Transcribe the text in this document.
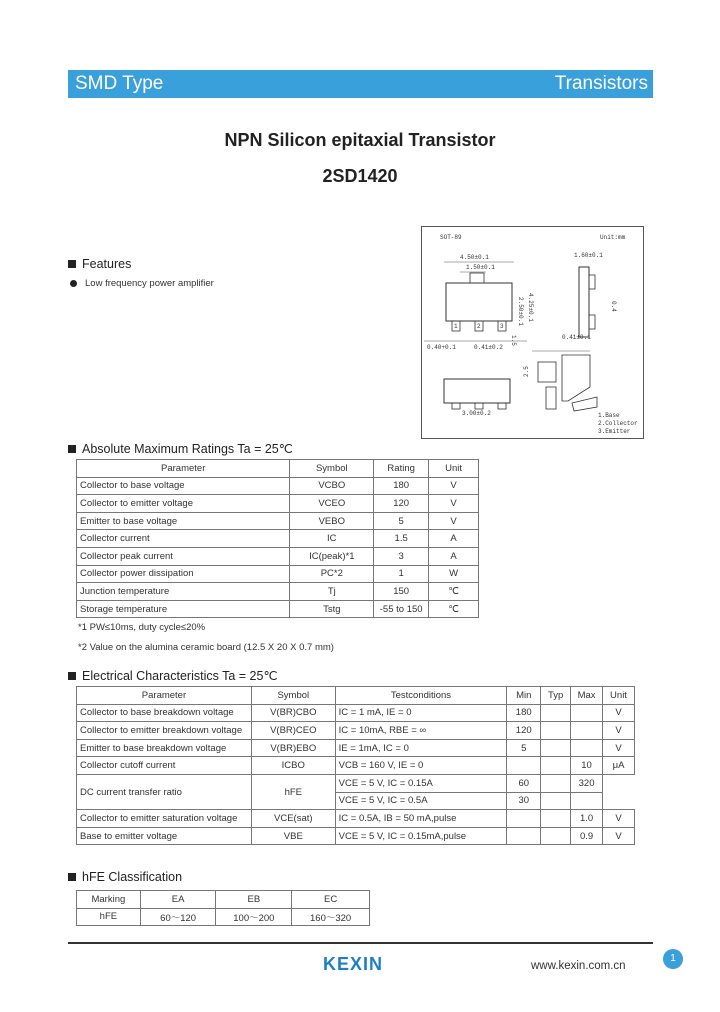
SMD Type	Transistors
NPN Silicon epitaxial Transistor
2SD1420
Features
Low frequency power amplifier
SOT-89	Unit:mm
4.50±0.1
1.50±0.1
1	2	3
0.40+0.1	0.41±0.2
2.50±0.1 4.25±0.1
1.5
1.60±0.1
0.41±0.1
0.4
3.00±0.2
2.5
1.Base
2.Collector
3.Emitter
Absolute Maximum Ratings Ta = 25℃
Parameter	Symbol	Rating	Unit
Collector to base voltage	VCBO	180	V
Collector to emitter voltage	VCEO	120	V
Emitter to base voltage	VEBO	5	V
Collector current	IC	1.5	A
Collector peak current	IC(peak)*1	3	A
Collector power dissipation	PC*2	1	W
Junction temperature	Tj	150	℃
Storage temperature	Tstg	-55 to 150	℃
*1 PW≤10ms, duty cycle≤20%
*2 Value on the alumina ceramic board (12.5 X 20 X 0.7 mm)
Electrical Characteristics Ta = 25℃
Parameter	Symbol	Testconditions	Min	Typ	Max	Unit
Collector to base breakdown voltage	V(BR)CBO	IC = 1 mA, IE = 0	180			V
Collector to emitter breakdown voltage	V(BR)CEO	IC = 10mA, RBE = ∞	120			V
Emitter to base breakdown voltage	V(BR)EBO	IE = 1mA, IC = 0	5			V
Collector cutoff current	ICBO	VCB = 160 V, IE = 0			10	μA
DC current transfer ratio	hFE	VCE = 5 V, IC = 0.15A	60		320	
		VCE = 5 V, IC = 0.5A	30			
Collector to emitter saturation voltage	VCE(sat)	IC = 0.5A, IB = 50 mA,pulse			1.0	V
Base to emitter voltage	VBE	VCE = 5 V, IC = 0.15mA,pulse			0.9	V
hFE Classification
Marking	EA	EB	EC
hFE	60～120	100～200	160～320
KEXIN	www.kexin.com.cn
1
